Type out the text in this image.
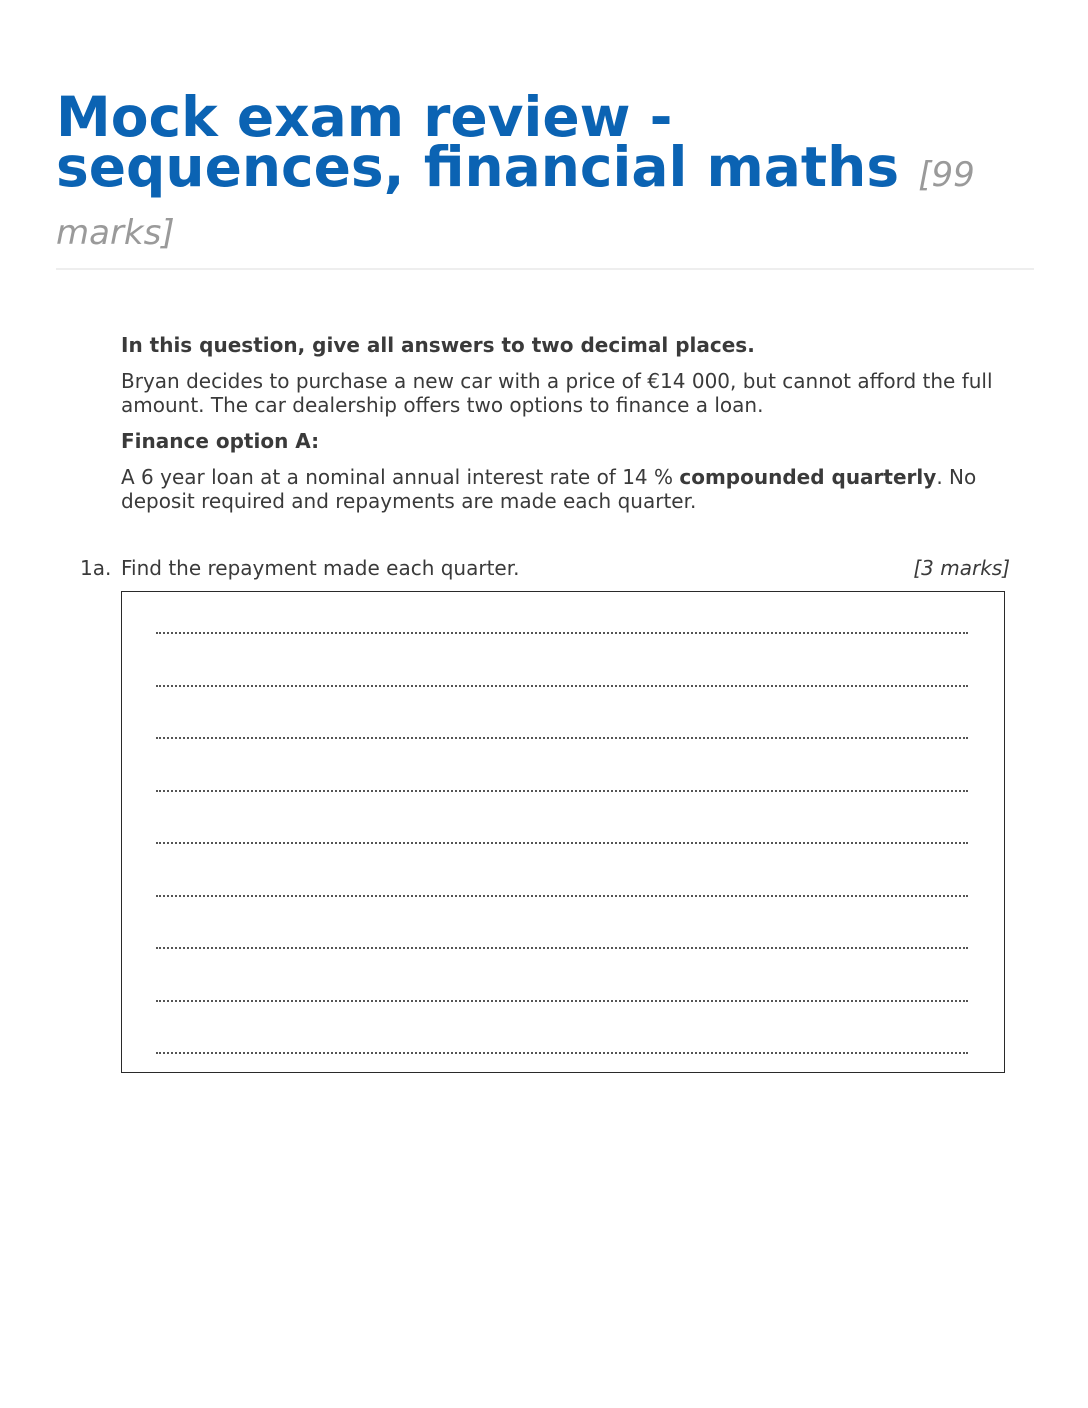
Mock exam review - sequences, financial maths [99 marks]

In this question, give all answers to two decimal places.

Bryan decides to purchase a new car with a price of €14 000, but cannot afford the full amount. The car dealership offers two options to finance a loan.

Finance option A:

A 6 year loan at a nominal annual interest rate of 14 % compounded quarterly. No deposit required and repayments are made each quarter.

1a. Find the repayment made each quarter.	[3 marks]
